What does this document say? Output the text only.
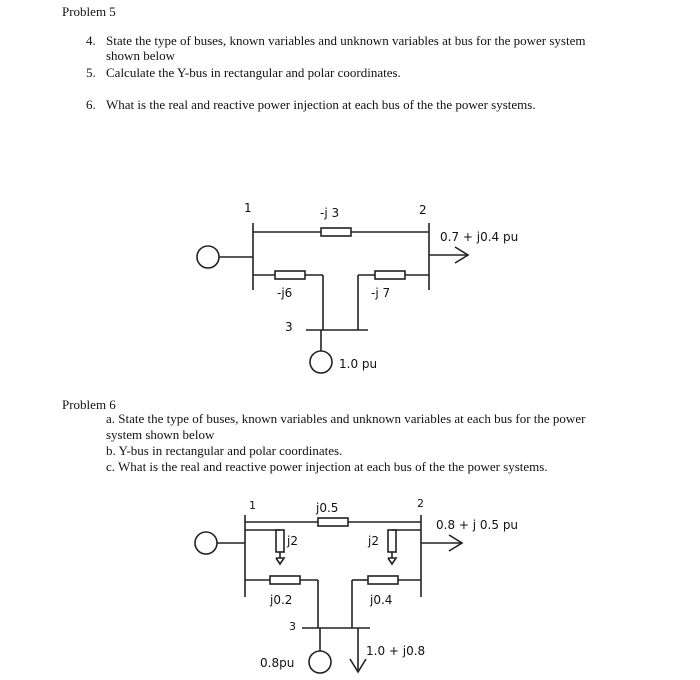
Problem 5
4. State the type of buses, known variables and unknown variables at bus for the power system
shown below
5. Calculate the Y-bus in rectangular and polar coordinates.
6. What is the real and reactive power injection at each bus of the the power systems.
1	2
3
-j 3
-j6	-j 7
0.7 + j0.4 pu
1.0 pu
Problem 6
a. State the type of buses, known variables and unknown variables at each bus for the power
system shown below
b. Y-bus in rectangular and polar coordinates.
c. What is the real and reactive power injection at each bus of the the power systems.
1	2
3
j0.5
j0.2	j0.4
j2	j2
0.8 + j 0.5 pu
1.0 + j0.8
0.8pu
